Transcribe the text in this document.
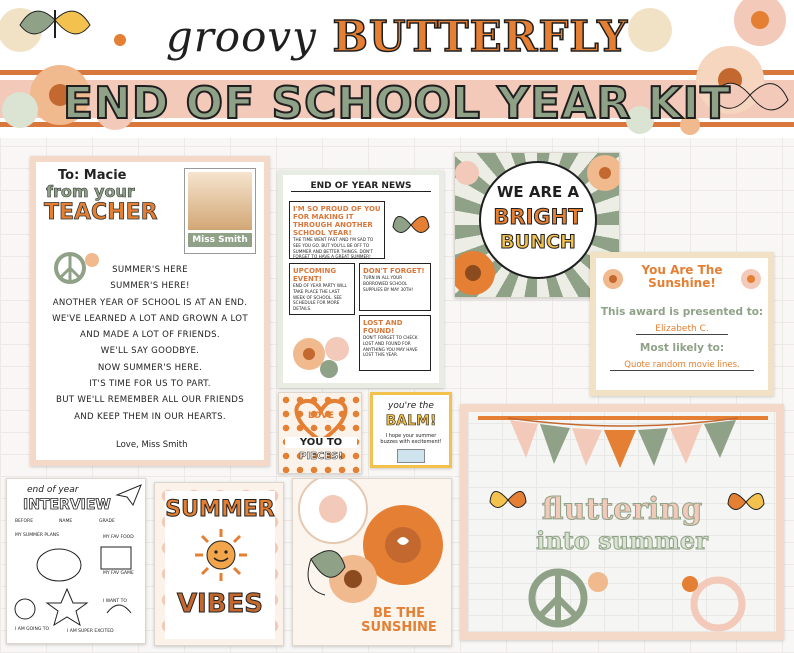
groovy BUTTERFLY
END OF SCHOOL YEAR KIT
To: Macie
from your
TEACHER
Miss Smith
SUMMER'S HERE
SUMMER'S HERE!
ANOTHER YEAR OF SCHOOL IS AT AN END.
WE'VE LEARNED A LOT AND GROWN A LOT
AND MADE A LOT OF FRIENDS.
WE'LL SAY GOODBYE.
NOW SUMMER'S HERE.
IT'S TIME FOR US TO PART.
BUT WE'LL REMEMBER ALL OUR FRIENDS
AND KEEP THEM IN OUR HEARTS.
Love, Miss Smith
END OF YEAR NEWS
I'M SO PROUD OF YOU FOR MAKING IT THROUGH ANOTHER SCHOOL YEAR!
THE TIME WENT FAST AND I'M SAD TO SEE YOU GO. BUT YOU'LL BE OFF TO SUMMER AND BETTER THINGS. DON'T FORGET TO HAVE A GREAT SUMMER!
UPCOMING EVENT!
END OF YEAR PARTY WILL TAKE PLACE THE LAST WEEK OF SCHOOL. SEE SCHEDULE FOR MORE DETAILS.
DON'T FORGET!
TURN IN ALL YOUR BORROWED SCHOOL SUPPLIES BY MAY 30TH!
LOST AND FOUND!
DON'T FORGET TO CHECK LOST AND FOUND FOR ANYTHING YOU MAY HAVE LOST THIS YEAR.
WE ARE A
BRIGHT
BUNCH
You Are The
Sunshine!
This award is presented to:
Elizabeth C.
Most likely to:
Quote random movie lines.
LOVE
YOU TO
PIECES!
you're the
BALM!
I hope your summer buzzes with excitement!
fluttering
into summer
end of year
INTERVIEW
BEFORE	NAME	GRADE
MY SUMMER PLANS	MY FAV FOOD
MY FAV GAME
I AM GOING TO	I AM SUPER EXCITED
I WANT TO
SUMMER
VIBES	BE THE
SUNSHINE
